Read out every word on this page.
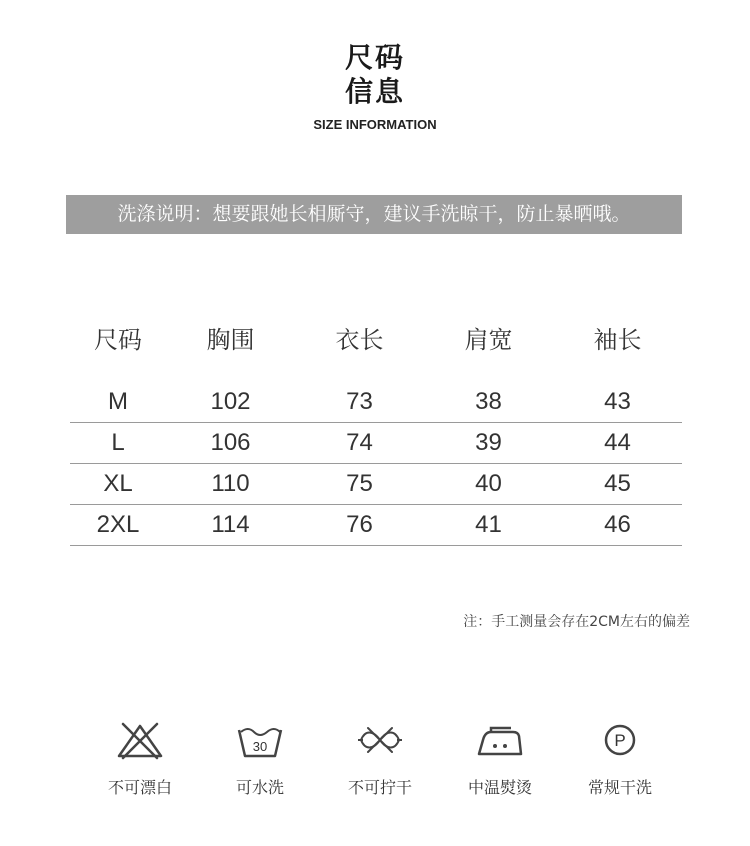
尺码
信息
SIZE INFORMATION
洗涤说明：想要跟她长相厮守，建议手洗晾干，防止暴晒哦。
尺码	胸围	衣长	肩宽	袖长
M	102	73	38	43
L	106	74	39	44
XL	110	75	40	45
2XL	114	76	41	46
注：手工测量会存在2CM左右的偏差
不可漂白
30
可水洗	不可拧干	中温熨烫
P
常规干洗
